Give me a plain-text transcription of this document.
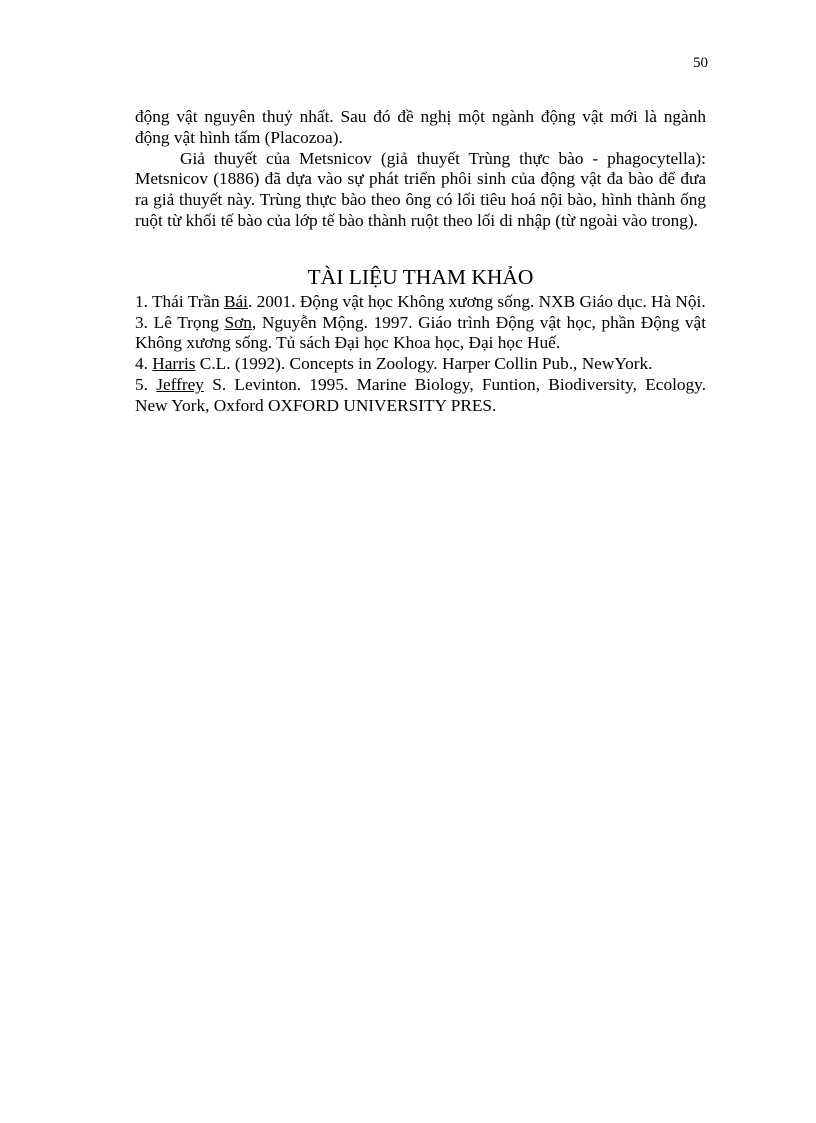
50

động vật nguyên thuỷ nhất. Sau đó đề nghị một ngành động vật mới là ngành động vật hình tấm (Placozoa).

Giả thuyết của Metsnicov (giả thuyết Trùng thực bào - phagocytella): Metsnicov (1886) đã dựa vào sự phát triển phôi sinh của động vật đa bào để đưa ra giả thuyết này. Trùng thực bào theo ông có lối tiêu hoá nội bào, hình thành ống ruột từ khối tế bào của lớp tế bào thành ruột theo lối di nhập (từ ngoài vào trong).

TÀI LIỆU THAM KHẢO

1. Thái Trần Bái. 2001. Động vật học Không xương sống. NXB Giáo dục. Hà Nội.

3. Lê Trọng Sơn, Nguyễn Mộng. 1997. Giáo trình Động vật học, phần Động vật Không xương sống. Tủ sách Đại học Khoa học, Đại học Huế.

4. Harris C.L. (1992). Concepts in Zoology. Harper Collin Pub., NewYork.

5. Jeffrey S. Levinton. 1995. Marine Biology, Funtion, Biodiversity, Ecology. New York, Oxford OXFORD UNIVERSITY PRES.
